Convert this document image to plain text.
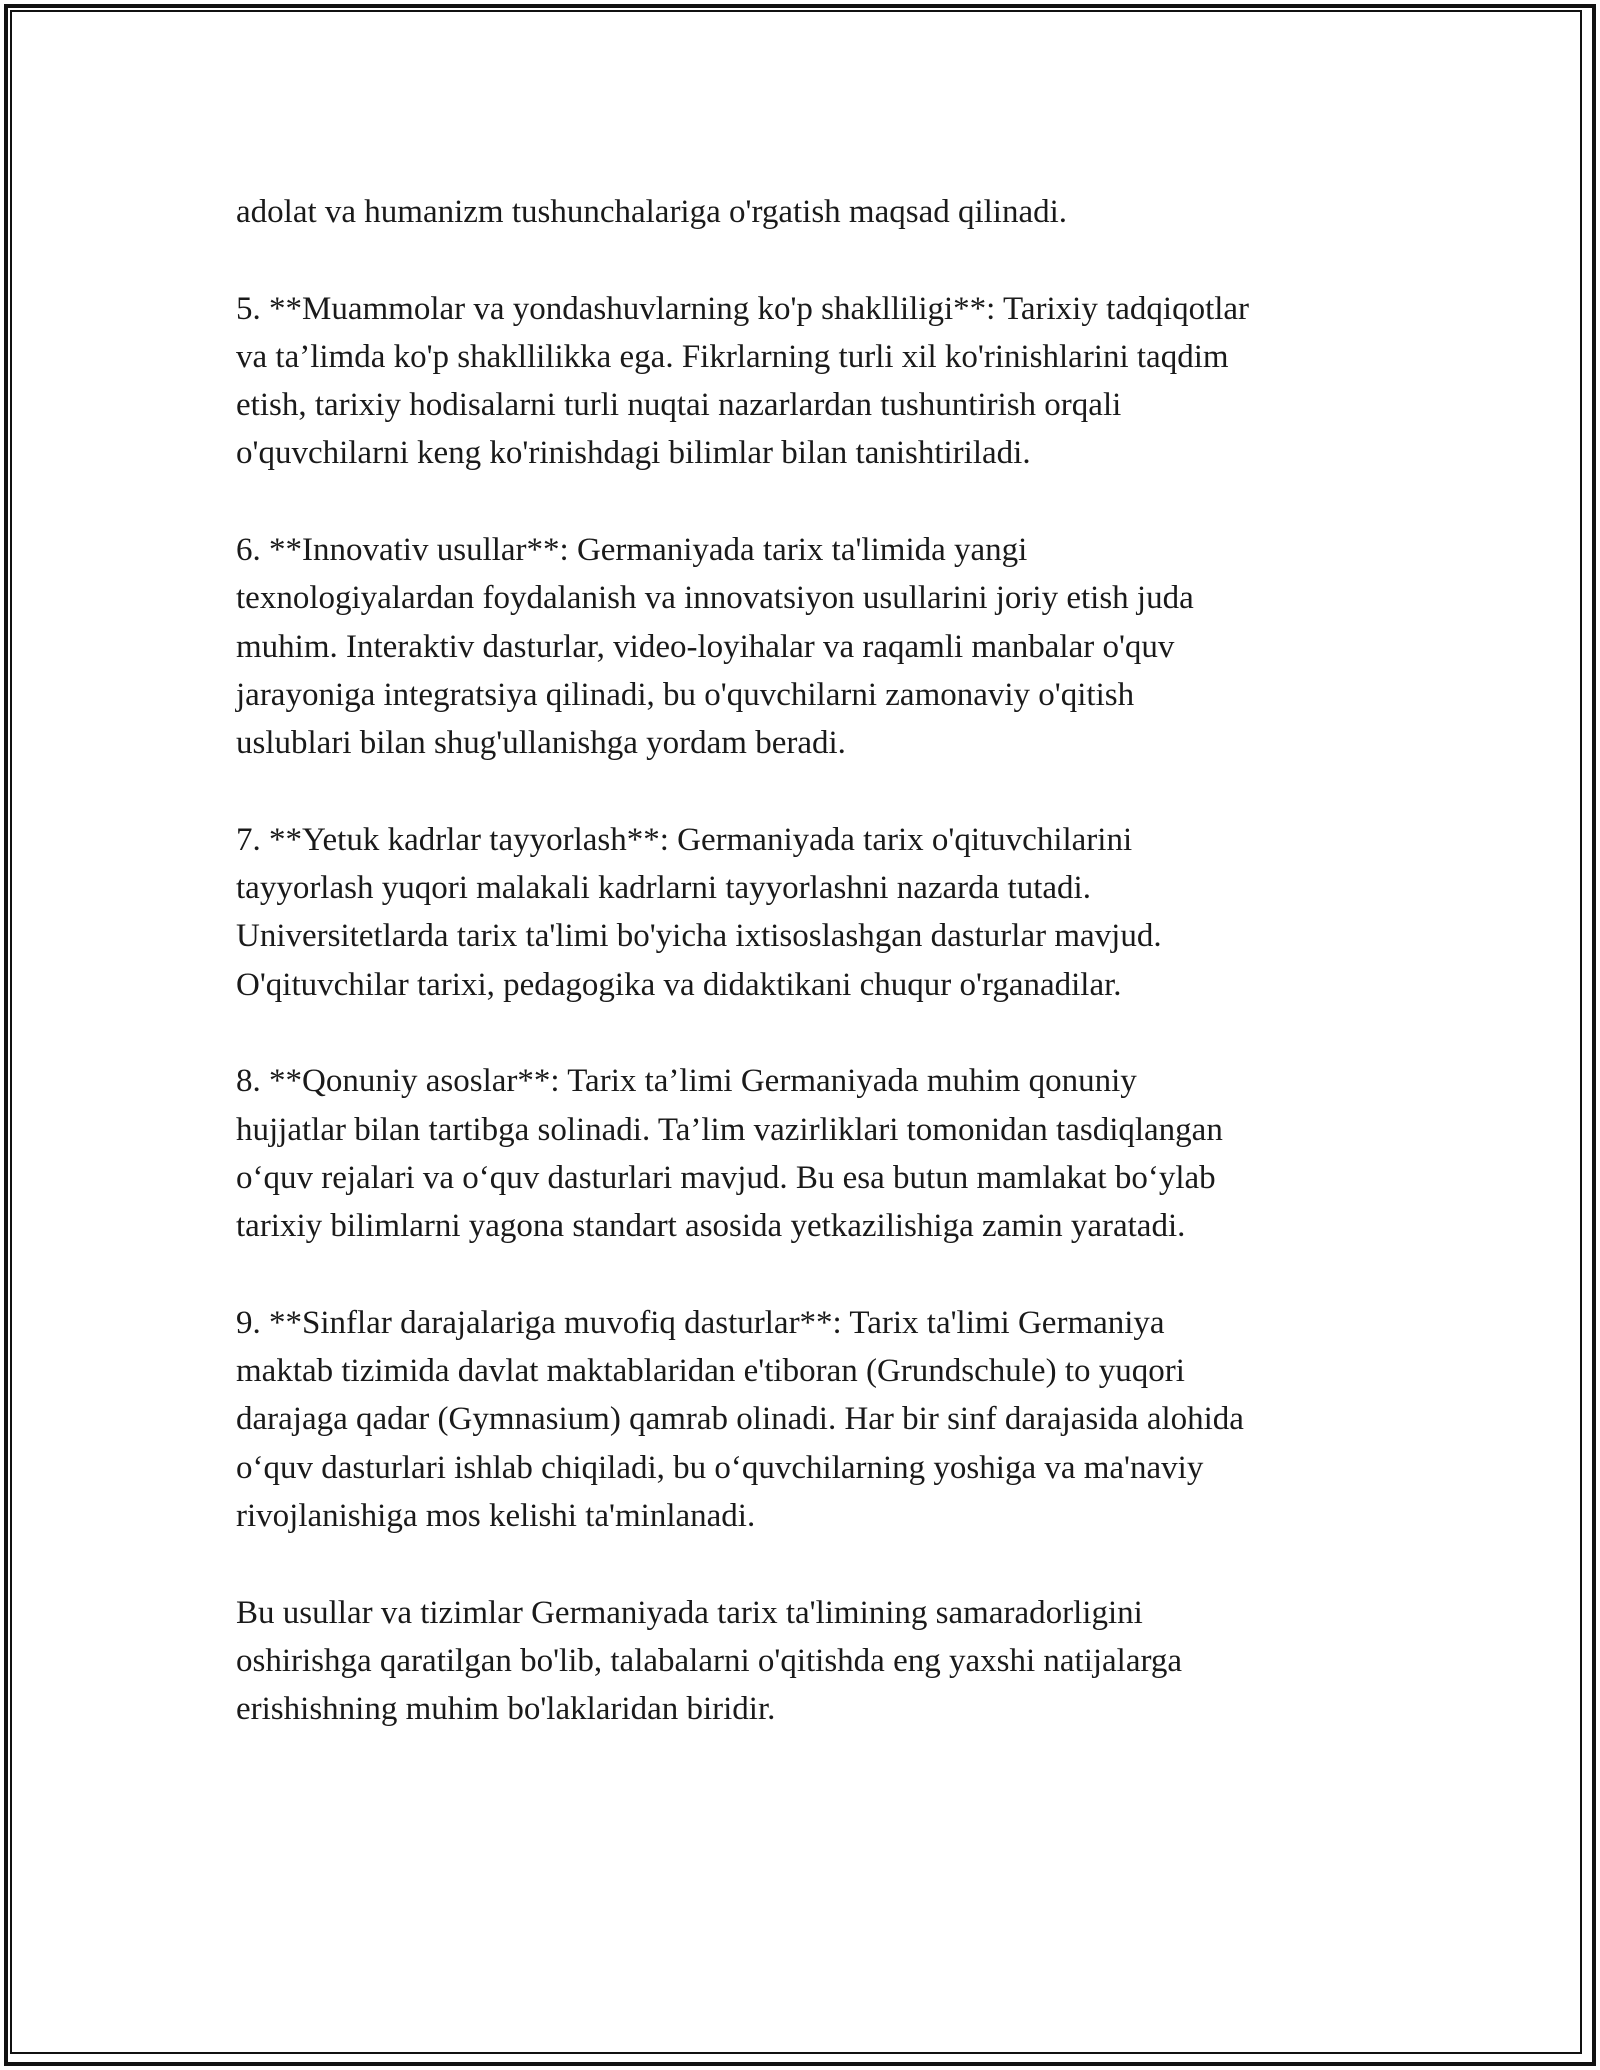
adolat va humanizm tushunchalariga o'rgatish maqsad qilinadi.

5. **Muammolar va yondashuvlarning ko'p shaklliligi**: Tarixiy tadqiqotlar
va ta’limda ko'p shakllilikka ega. Fikrlarning turli xil ko'rinishlarini taqdim
etish, tarixiy hodisalarni turli nuqtai nazarlardan tushuntirish orqali
o'quvchilarni keng ko'rinishdagi bilimlar bilan tanishtiriladi.

6. **Innovativ usullar**: Germaniyada tarix ta'limida yangi
texnologiyalardan foydalanish va innovatsiyon usullarini joriy etish juda
muhim. Interaktiv dasturlar, video-loyihalar va raqamli manbalar o'quv
jarayoniga integratsiya qilinadi, bu o'quvchilarni zamonaviy o'qitish
uslublari bilan shug'ullanishga yordam beradi.

7. **Yetuk kadrlar tayyorlash**: Germaniyada tarix o'qituvchilarini
tayyorlash yuqori malakali kadrlarni tayyorlashni nazarda tutadi.
Universitetlarda tarix ta'limi bo'yicha ixtisoslashgan dasturlar mavjud.
O'qituvchilar tarixi, pedagogika va didaktikani chuqur o'rganadilar.

8. **Qonuniy asoslar**: Tarix ta’limi Germaniyada muhim qonuniy
hujjatlar bilan tartibga solinadi. Ta’lim vazirliklari tomonidan tasdiqlangan
o‘quv rejalari va o‘quv dasturlari mavjud. Bu esa butun mamlakat bo‘ylab
tarixiy bilimlarni yagona standart asosida yetkazilishiga zamin yaratadi.

9. **Sinflar darajalariga muvofiq dasturlar**: Tarix ta'limi Germaniya
maktab tizimida davlat maktablaridan e'tiboran (Grundschule) to yuqori
darajaga qadar (Gymnasium) qamrab olinadi. Har bir sinf darajasida alohida
o‘quv dasturlari ishlab chiqiladi, bu o‘quvchilarning yoshiga va ma'naviy
rivojlanishiga mos kelishi ta'minlanadi.

Bu usullar va tizimlar Germaniyada tarix ta'limining samaradorligini
oshirishga qaratilgan bo'lib, talabalarni o'qitishda eng yaxshi natijalarga
erishishning muhim bo'laklaridan biridir.
